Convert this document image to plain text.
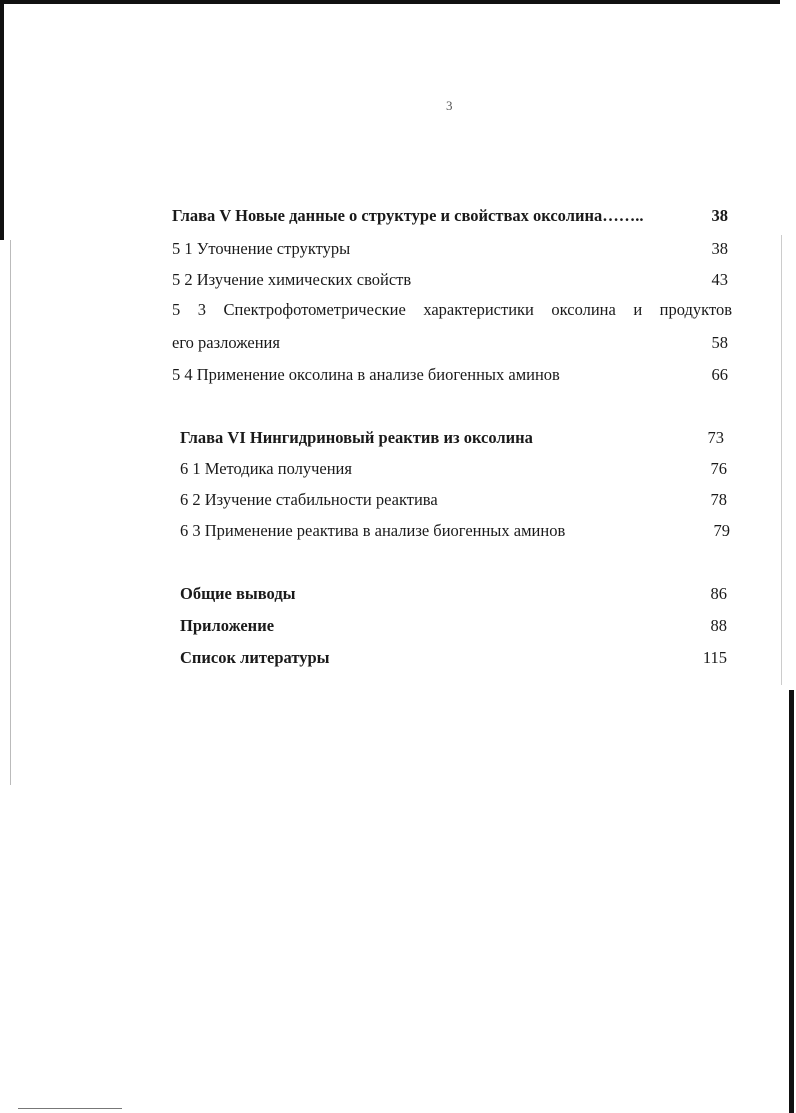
3
Глава V Новые данные о структуре и свойствах оксолина……..	38
5 1 Уточнение структуры	38
5 2 Изучение химических свойств	43
5 3 Спектрофотометрические характеристики оксолина и продуктов
его разложения	58
5 4 Применение оксолина в анализе биогенных аминов	66
Глава VI Нингидриновый реактив из оксолина	73
6 1 Методика получения	76
6 2 Изучение стабильности реактива	78
6 3 Применение реактива в анализе биогенных аминов	79
Общие выводы	86
Приложение	88
Список литературы	115
